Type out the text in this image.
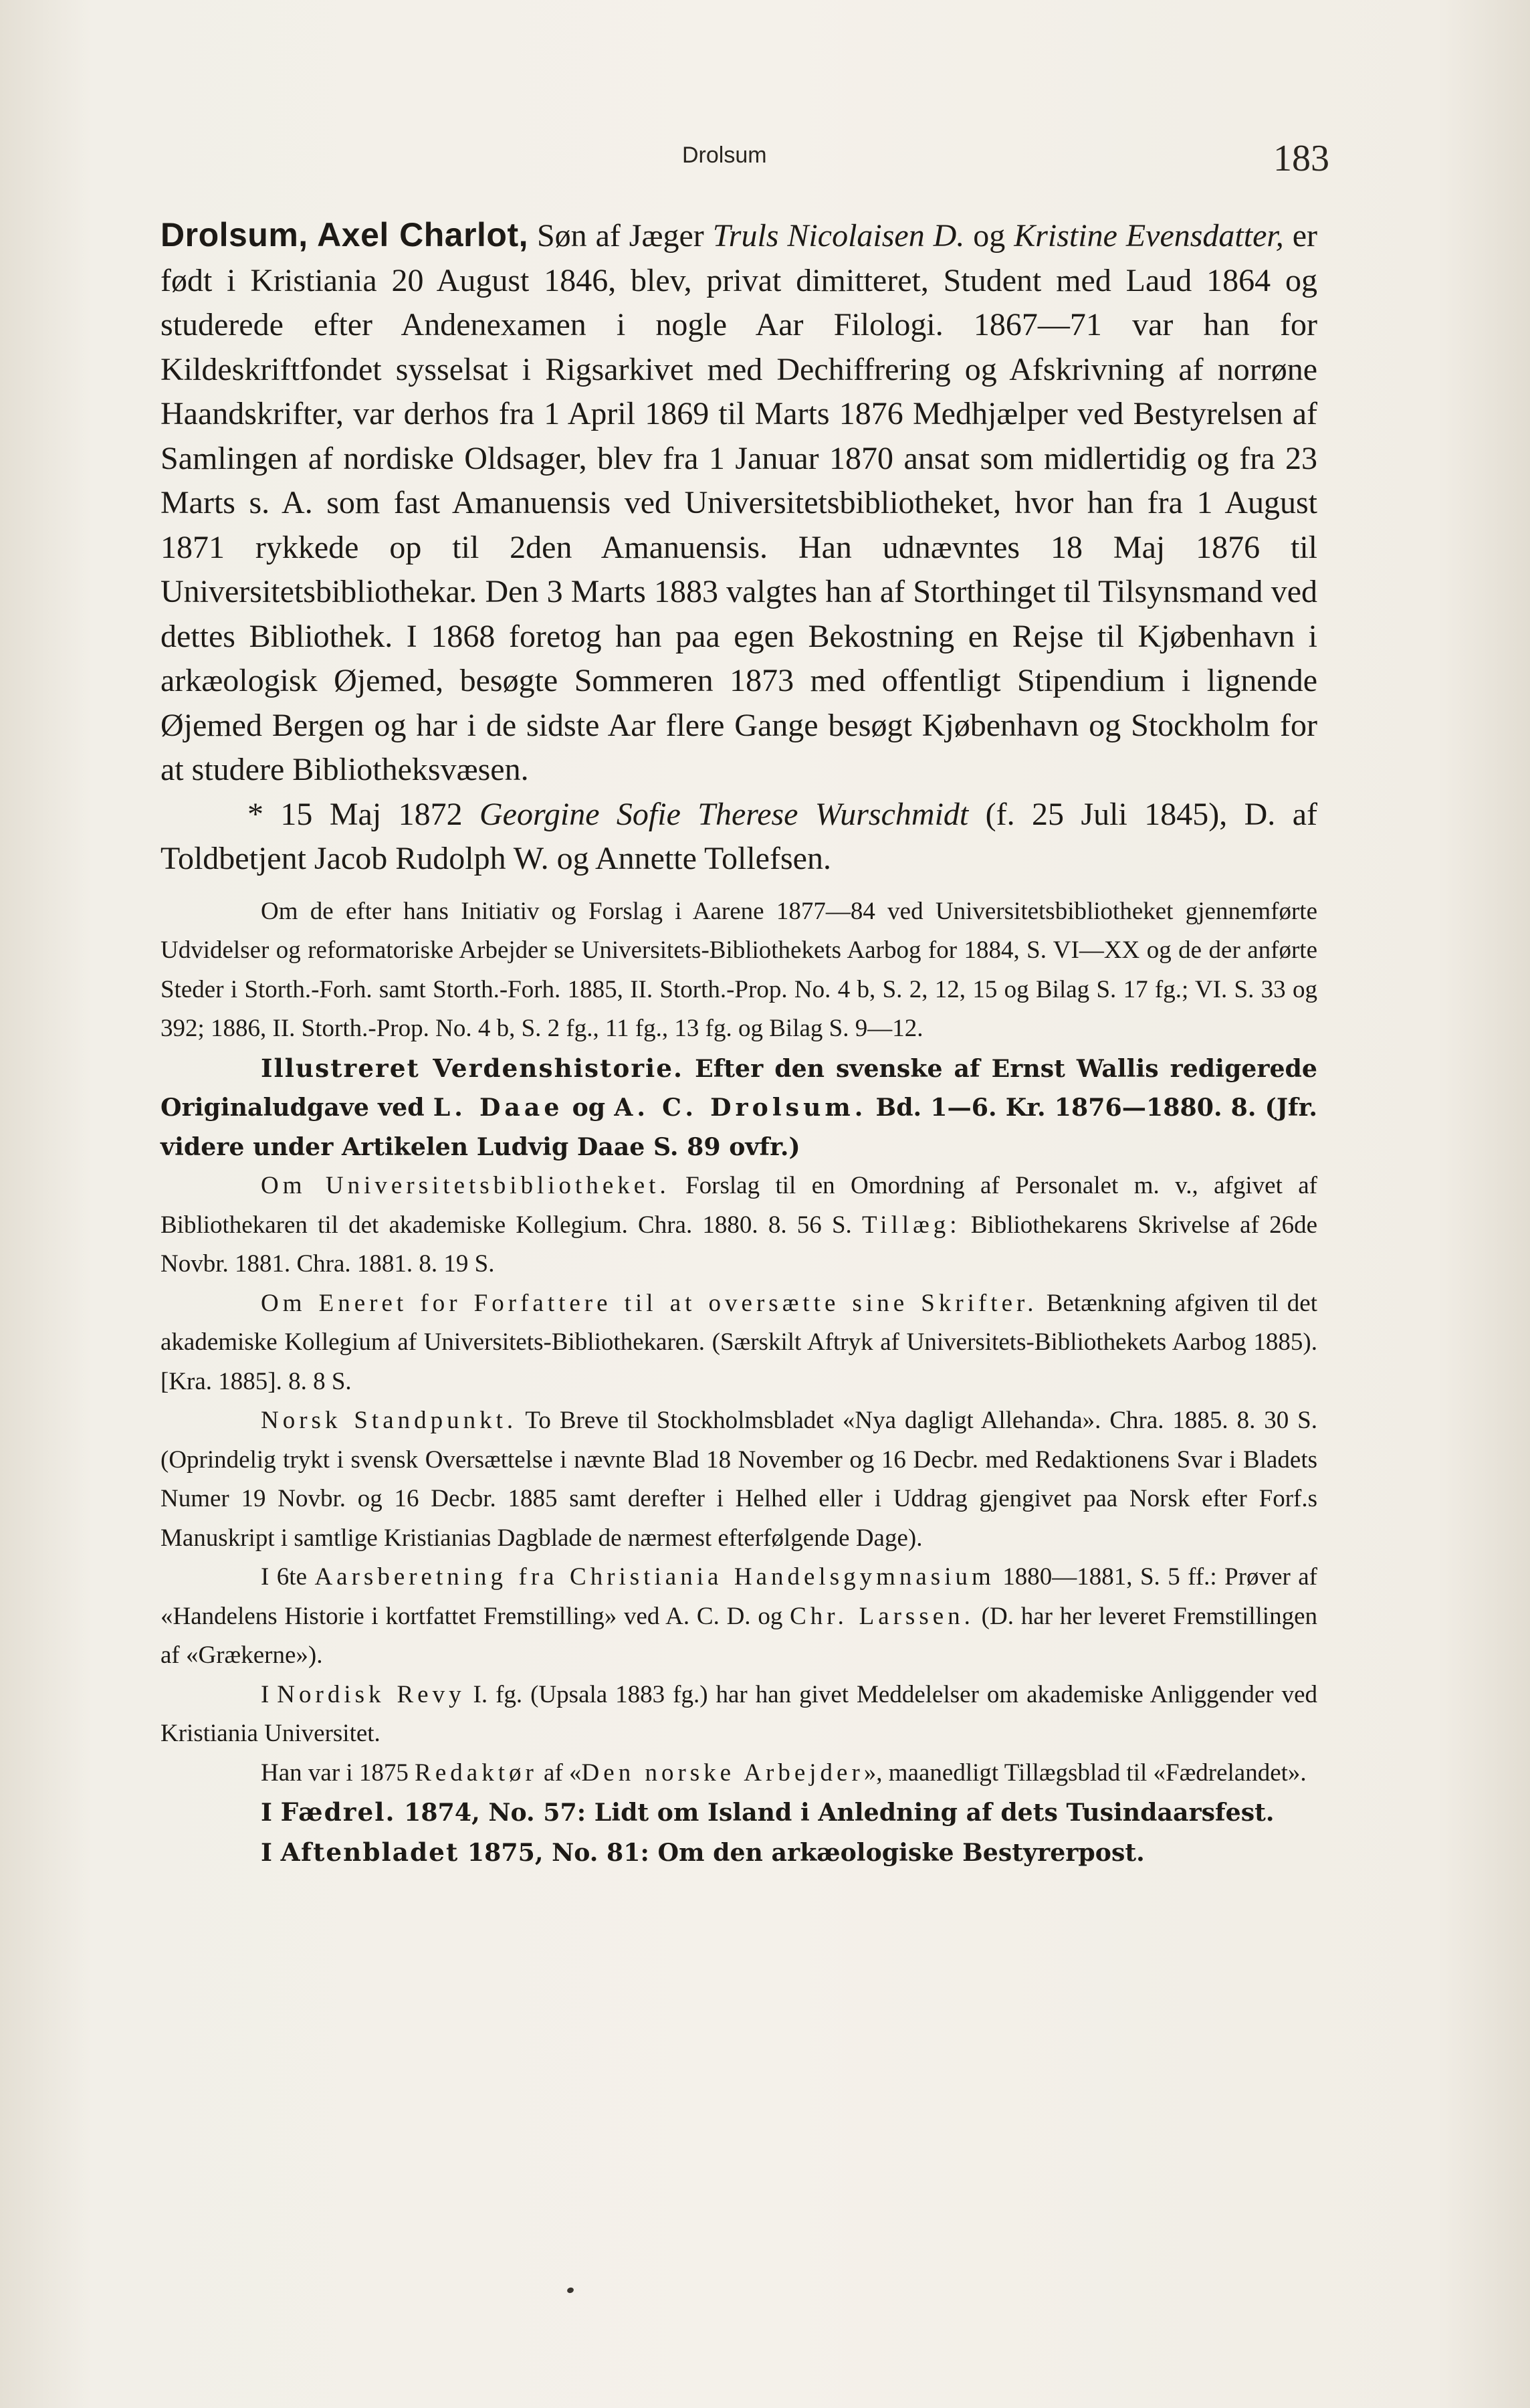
Drolsum	183

Drolsum, Axel Charlot, Søn af Jæger Truls Nicolaisen D. og Kristine Evensdatter, er født i Kristiania 20 August 1846, blev, privat dimitteret, Student med Laud 1864 og studerede efter Andenexamen i nogle Aar Filologi. 1867—71 var han for Kildeskriftfondet sysselsat i Rigsarkivet med Dechiffrering og Afskrivning af norrøne Haandskrifter, var derhos fra 1 April 1869 til Marts 1876 Medhjælper ved Bestyrelsen af Samlingen af nordiske Oldsager, blev fra 1 Januar 1870 ansat som midlertidig og fra 23 Marts s. A. som fast Amanuensis ved Universitetsbibliotheket, hvor han fra 1 August 1871 rykkede op til 2den Amanuensis. Han udnævntes 18 Maj 1876 til Universitetsbibliothekar. Den 3 Marts 1883 valgtes han af Storthinget til Tilsynsmand ved dettes Bibliothek. I 1868 foretog han paa egen Bekostning en Rejse til Kjøbenhavn i arkæologisk Øjemed, besøgte Sommeren 1873 med offentligt Stipendium i lignende Øjemed Bergen og har i de sidste Aar flere Gange besøgt Kjøbenhavn og Stockholm for at studere Bibliotheksvæsen.

* 15 Maj 1872 Georgine Sofie Therese Wurschmidt (f. 25 Juli 1845), D. af Toldbetjent Jacob Rudolph W. og Annette Tollefsen.

Om de efter hans Initiativ og Forslag i Aarene 1877—84 ved Universitetsbibliotheket gjennemførte Udvidelser og reformatoriske Arbejder se Universitets-Bibliothekets Aarbog for 1884, S. VI—XX og de der anførte Steder i Storth.-Forh. samt Storth.-Forh. 1885, II. Storth.-Prop. No. 4 b, S. 2, 12, 15 og Bilag S. 17 fg.; VI. S. 33 og 392; 1886, II. Storth.-Prop. No. 4 b, S. 2 fg., 11 fg., 13 fg. og Bilag S. 9—12.

Illustreret Verdenshistorie. Efter den svenske af Ernst Wallis redigerede Originaludgave ved L. Daae og A. C. Drolsum. Bd. 1—6. Kr. 1876—1880. 8. (Jfr. videre under Artikelen Ludvig Daae S. 89 ovfr.)

Om Universitetsbibliotheket. Forslag til en Omordning af Personalet m. v., afgivet af Bibliothekaren til det akademiske Kollegium. Chra. 1880. 8. 56 S. Tillæg: Bibliothekarens Skrivelse af 26de Novbr. 1881. Chra. 1881. 8. 19 S.

Om Eneret for Forfattere til at oversætte sine Skrifter. Betænkning afgiven til det akademiske Kollegium af Universitets-Bibliothekaren. (Særskilt Aftryk af Universitets-Bibliothekets Aarbog 1885). [Kra. 1885]. 8. 8 S.

Norsk Standpunkt. To Breve til Stockholmsbladet «Nya dagligt Allehanda». Chra. 1885. 8. 30 S. (Oprindelig trykt i svensk Oversættelse i nævnte Blad 18 November og 16 Decbr. med Redaktionens Svar i Bladets Numer 19 Novbr. og 16 Decbr. 1885 samt derefter i Helhed eller i Uddrag gjengivet paa Norsk efter Forf.s Manuskript i samtlige Kristianias Dagblade de nærmest efterfølgende Dage).

I 6te Aarsberetning fra Christiania Handelsgymnasium 1880—1881, S. 5 ff.: Prøver af «Handelens Historie i kortfattet Fremstilling» ved A. C. D. og Chr. Larssen. (D. har her leveret Fremstillingen af «Grækerne»).

I Nordisk Revy I. fg. (Upsala 1883 fg.) har han givet Meddelelser om akademiske Anliggender ved Kristiania Universitet.

Han var i 1875 Redaktør af «Den norske Arbejder», maanedligt Tillægsblad til «Fædrelandet».

I Fædrel. 1874, No. 57: Lidt om Island i Anledning af dets Tusindaarsfest.

I Aftenbladet 1875, No. 81: Om den arkæologiske Bestyrerpost.
